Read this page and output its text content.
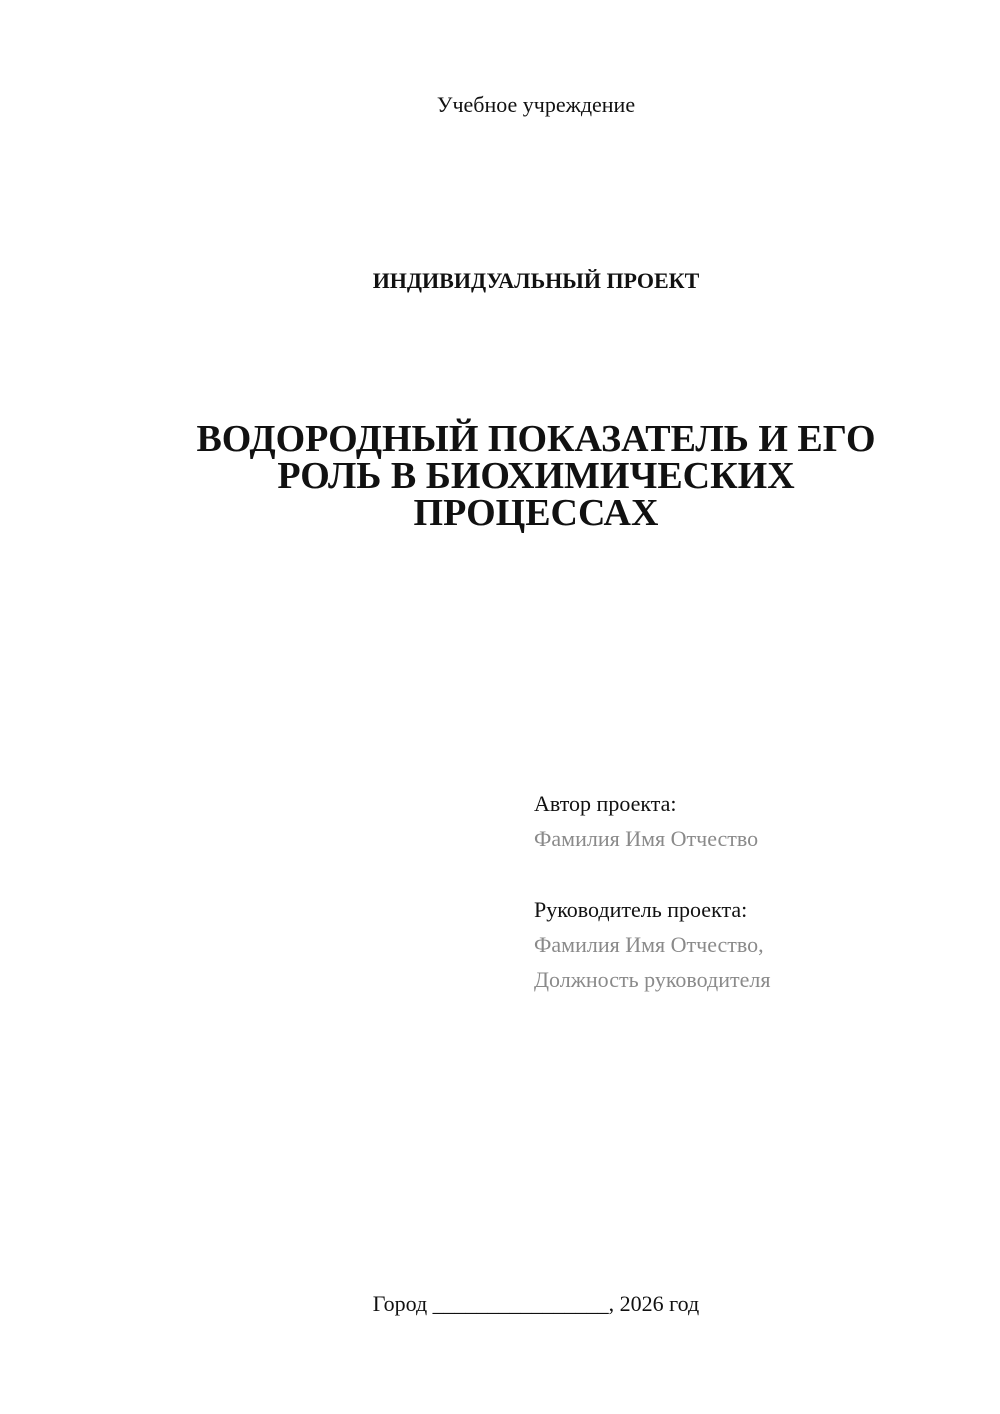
Учебное учреждение
ИНДИВИДУАЛЬНЫЙ ПРОЕКТ
ВОДОРОДНЫЙ ПОКАЗАТЕЛЬ И ЕГО
РОЛЬ В БИОХИМИЧЕСКИХ
ПРОЦЕССАХ
Автор проекта:
Фамилия Имя Отчество
Руководитель проекта:
Фамилия Имя Отчество,
Должность руководителя
Город ________________, 2026 год
